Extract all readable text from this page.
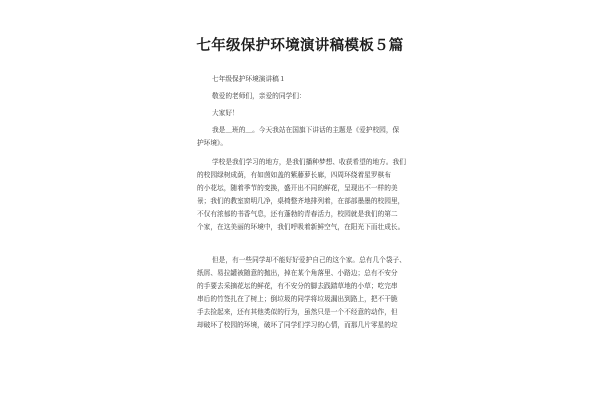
七年级保护环境演讲稿模板５篇
七年级保护环境演讲稿１
敬爱的老师们，亲爱的同学们：
大家好！
我是＿班的＿。今天我站在国旗下讲话的主题是《爱护校园，保
护环境》。
学校是我们学习的地方，是我们播种梦想、收获希望的地方。我们
的校园绿树成荫，有如茵如盖的紫藤萝长廊，四周环绕着星罗棋布
的小花坛，随着季节的变换，盛开出不同的鲜花，呈现出不一样的美
景；我们的教室窗明几净，桌椅整齐地排列着，在部部墨墨的校园里，
不仅有浓郁的书香气息，还有蓬勃的青春活力，校园就是我们的第二
个家，在这美丽的环境中，我们呼吸着新鲜空气，在阳光下而壮成长。
但是，有一些同学却不能好好爱护自己的这个家。总有几个袋子、
纸屑、易拉罐被随意的抛出，掉在某个角落里、小路边；总有不安分
的手要去采摘花坛的鲜花，有不安分的脚去践踏草地的小草；吃完串
串后的竹签扎在了树上；倒垃圾的同学将垃圾漏出到路上，把不干脆
手去捡起来，还有其他类似的行为，虽然只是一个不经意的动作，但
却破坏了校园的环境，破坏了同学们学习的心情，而那几片零星的垃
